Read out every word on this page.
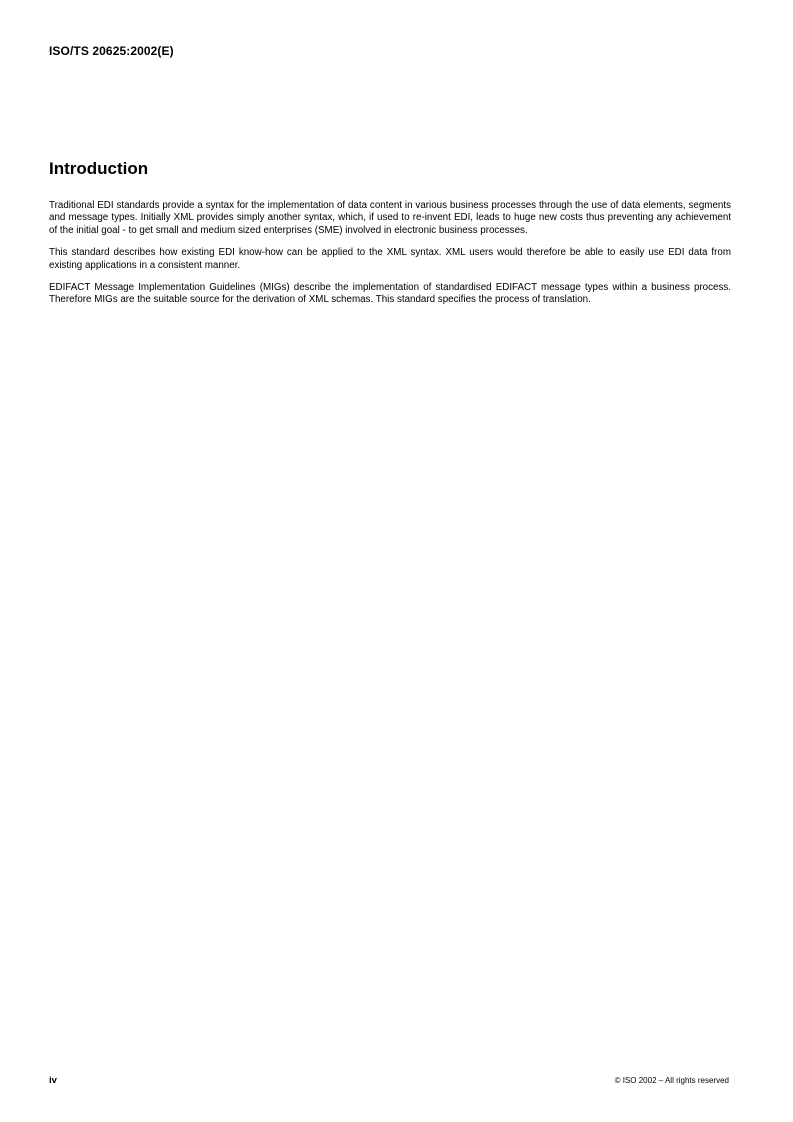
ISO/TS 20625:2002(E)
Introduction

Traditional EDI standards provide a syntax for the implementation of data content in various business processes through the use of data elements, segments and message types. Initially XML provides simply another syntax, which, if used to re-invent EDI, leads to huge new costs thus preventing any achievement of the initial goal - to get small and medium sized enterprises (SME) involved in electronic business processes.

This standard describes how existing EDI know-how can be applied to the XML syntax. XML users would therefore be able to easily use EDI data from existing applications in a consistent manner.

EDIFACT Message Implementation Guidelines (MIGs) describe the implementation of standardised EDIFACT message types within a business process. Therefore MIGs are the suitable source for the derivation of XML schemas. This standard specifies the process of translation.

iv	© ISO 2002 – All rights reserved
